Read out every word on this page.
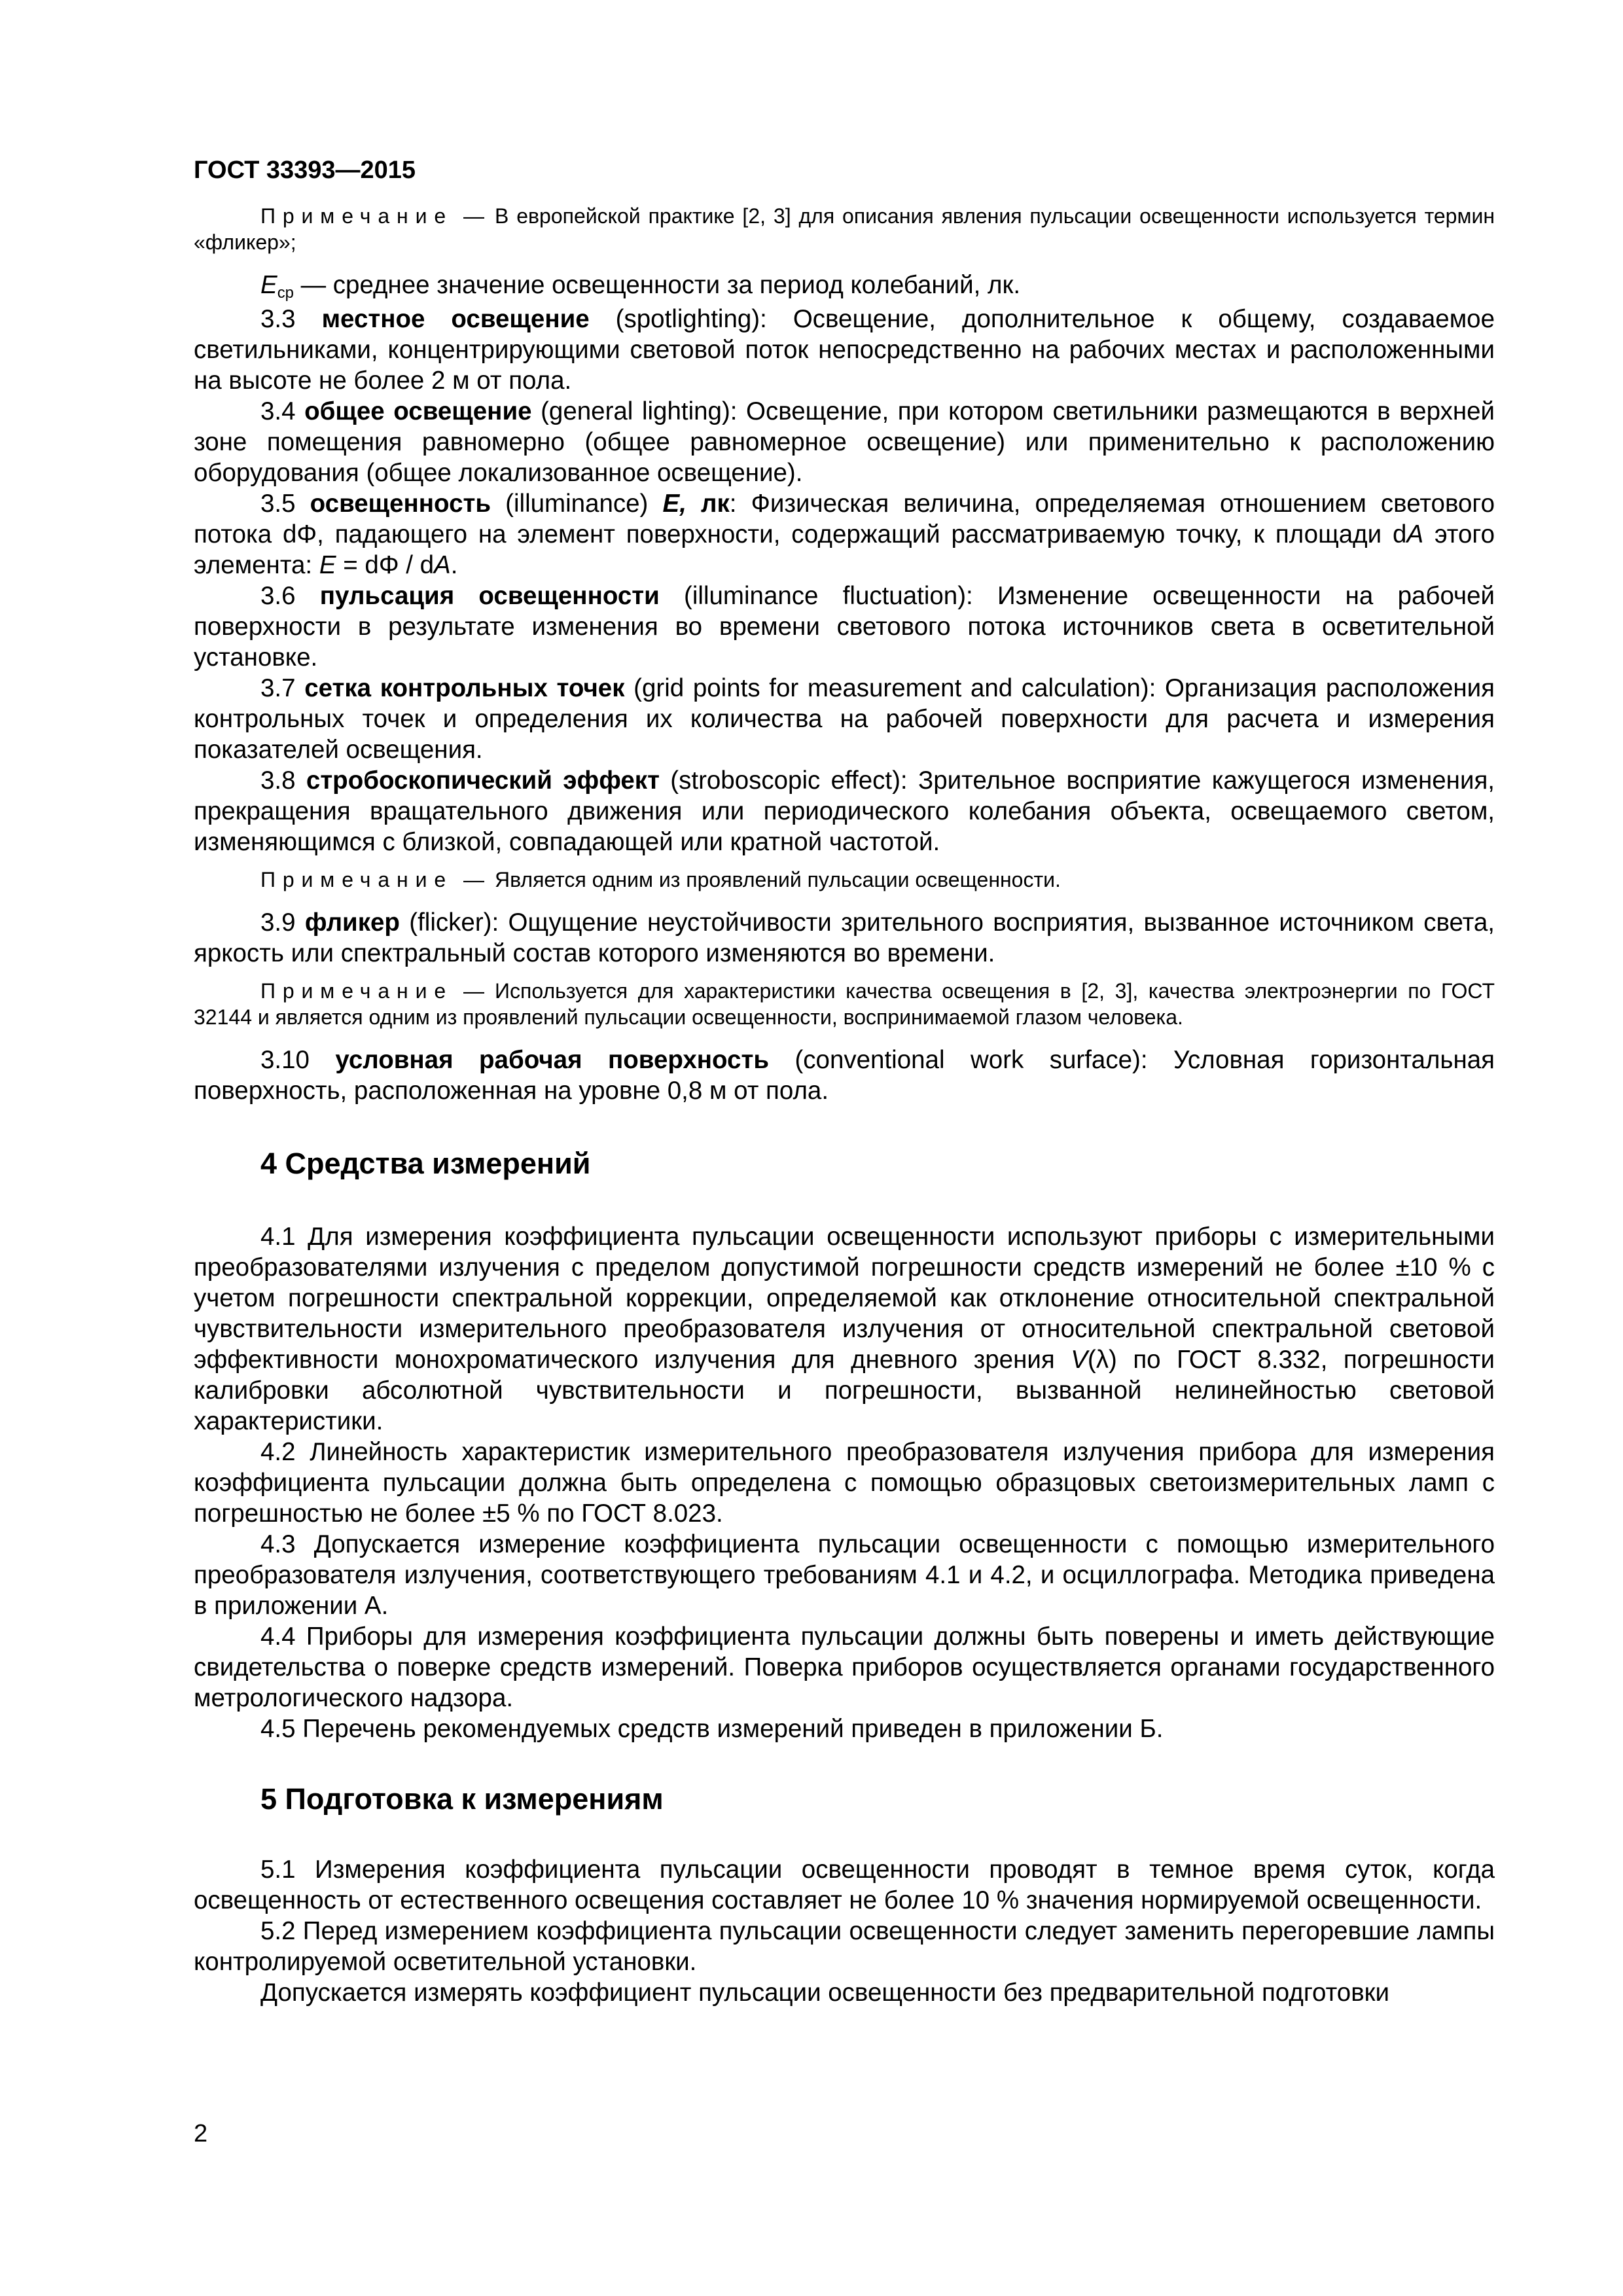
ГОСТ 33393—2015

Примечание — В европейской практике [2, 3] для описания явления пульсации освещенности используется термин «фликер»;

$E_{ср}$ — среднее значение освещенности за период колебаний, лк.

3.3 местное освещение (spotlighting): Освещение, дополнительное к общему, создаваемое светильниками, концентрирующими световой поток непосредственно на рабочих местах и расположенными на высоте не более 2 м от пола.

3.4 общее освещение (general lighting): Освещение, при котором светильники размещаются в верхней зоне помещения равномерно (общее равномерное освещение) или применительно к расположению оборудования (общее локализованное освещение).

3.5 освещенность (illuminance) E, лк: Физическая величина, определяемая отношением светового потока dΦ, падающего на элемент поверхности, содержащий рассматриваемую точку, к площади dA этого элемента: E = dΦ / dA.

3.6 пульсация освещенности (illuminance fluctuation): Изменение освещенности на рабочей поверхности в результате изменения во времени светового потока источников света в осветительной установке.

3.7 сетка контрольных точек (grid points for measurement and calculation): Организация расположения контрольных точек и определения их количества на рабочей поверхности для расчета и измерения показателей освещения.

3.8 стробоскопический эффект (stroboscopic effect): Зрительное восприятие кажущегося изменения, прекращения вращательного движения или периодического колебания объекта, освещаемого светом, изменяющимся с близкой, совпадающей или кратной частотой.

Примечание — Является одним из проявлений пульсации освещенности.

3.9 фликер (flicker): Ощущение неустойчивости зрительного восприятия, вызванное источником света, яркость или спектральный состав которого изменяются во времени.

Примечание — Используется для характеристики качества освещения в [2, 3], качества электроэнергии по ГОСТ 32144 и является одним из проявлений пульсации освещенности, воспринимаемой глазом человека.

3.10 условная рабочая поверхность (conventional work surface): Условная горизонтальная поверхность, расположенная на уровне 0,8 м от пола.

4 Средства измерений

4.1 Для измерения коэффициента пульсации освещенности используют приборы с измерительными преобразователями излучения с пределом допустимой погрешности средств измерений не более ±10 % с учетом погрешности спектральной коррекции, определяемой как отклонение относительной спектральной чувствительности измерительного преобразователя излучения от относительной спектральной световой эффективности монохроматического излучения для дневного зрения V(λ) по ГОСТ 8.332, погрешности калибровки абсолютной чувствительности и погрешности, вызванной нелинейностью световой характеристики.

4.2 Линейность характеристик измерительного преобразователя излучения прибора для измерения коэффициента пульсации должна быть определена с помощью образцовых светоизмерительных ламп с погрешностью не более ±5 % по ГОСТ 8.023.

4.3 Допускается измерение коэффициента пульсации освещенности с помощью измерительного преобразователя излучения, соответствующего требованиям 4.1 и 4.2, и осциллографа. Методика приведена в приложении А.

4.4 Приборы для измерения коэффициента пульсации должны быть поверены и иметь действующие свидетельства о поверке средств измерений. Поверка приборов осуществляется органами государственного метрологического надзора.

4.5 Перечень рекомендуемых средств измерений приведен в приложении Б.

5 Подготовка к измерениям

5.1 Измерения коэффициента пульсации освещенности проводят в темное время суток, когда освещенность от естественного освещения составляет не более 10 % значения нормируемой освещенности.

5.2 Перед измерением коэффициента пульсации освещенности следует заменить перегоревшие лампы контролируемой осветительной установки.

Допускается измерять коэффициент пульсации освещенности без предварительной подготовки

2
